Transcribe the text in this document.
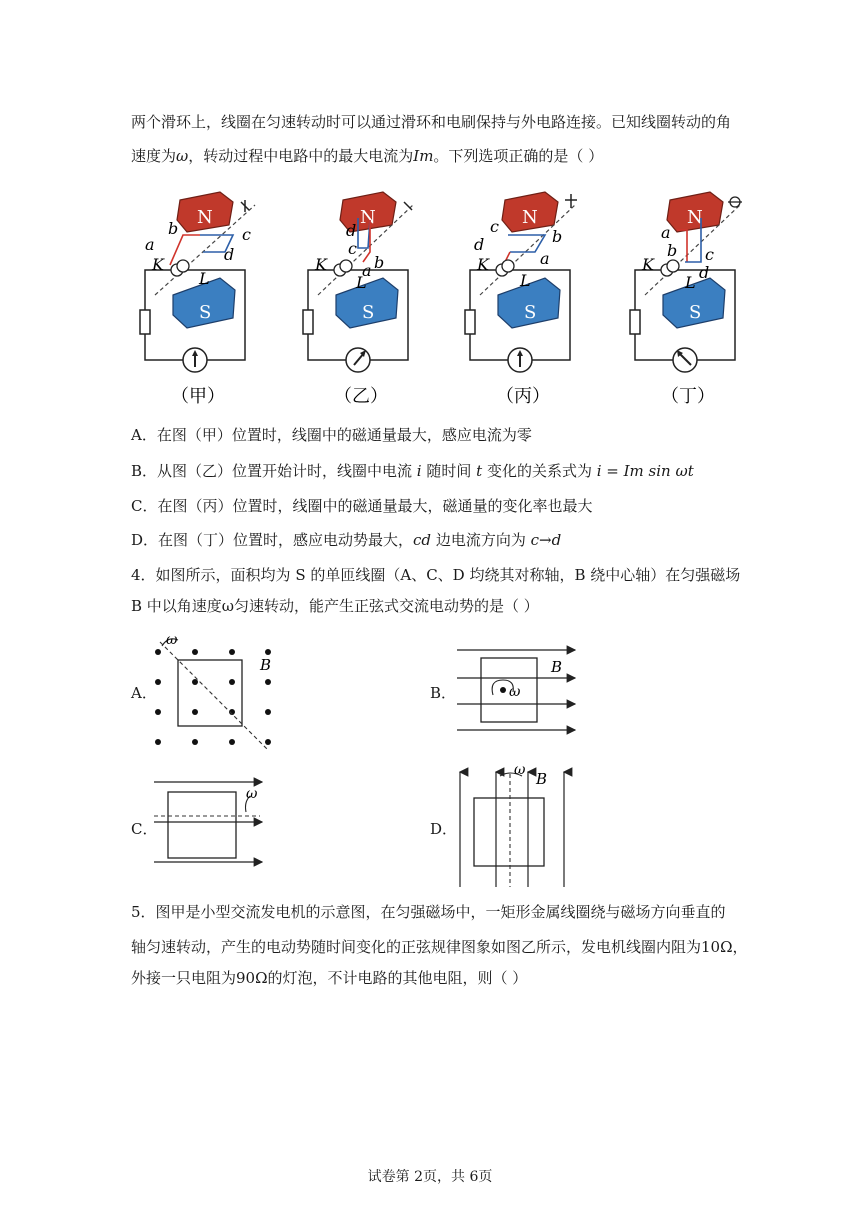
两个滑环上，线圈在匀速转动时可以通过滑环和电刷保持与外电路连接。已知线圈转动的角
速度为ω，转动过程中电路中的最大电流为Im。下列选项正确的是（ ）
S
N
a
b	c
d
K
L
（甲）
S
N
d
c
a b
K
L
（乙）
S
N
c
d	b
a
K
L
（丙）
S
N
a
b c
d
K
L
（丁）
A．在图（甲）位置时，线圈中的磁通量最大，感应电流为零
B．从图（乙）位置开始计时，线圈中电流 i 随时间 t 变化的关系式为 i = Im sin ωt
C．在图（丙）位置时，线圈中的磁通量最大，磁通量的变化率也最大
D．在图（丁）位置时，感应电动势最大，cd 边电流方向为 c→d
4．如图所示，面积均为 S 的单匝线圈（A、C、D 均绕其对称轴，B 绕中心轴）在匀强磁场
B 中以角速度ω匀速转动，能产生正弦式交流电动势的是（ ）
A．
ω
B
B．	ω
B
C．
ω
D．
ω B
5．图甲是小型交流发电机的示意图，在匀强磁场中，一矩形金属线圈绕与磁场方向垂直的
轴匀速转动，产生的电动势随时间变化的正弦规律图象如图乙所示，发电机线圈内阻为10Ω，
外接一只电阻为90Ω的灯泡，不计电路的其他电阻，则（ ）
试卷第 2页，共 6页
